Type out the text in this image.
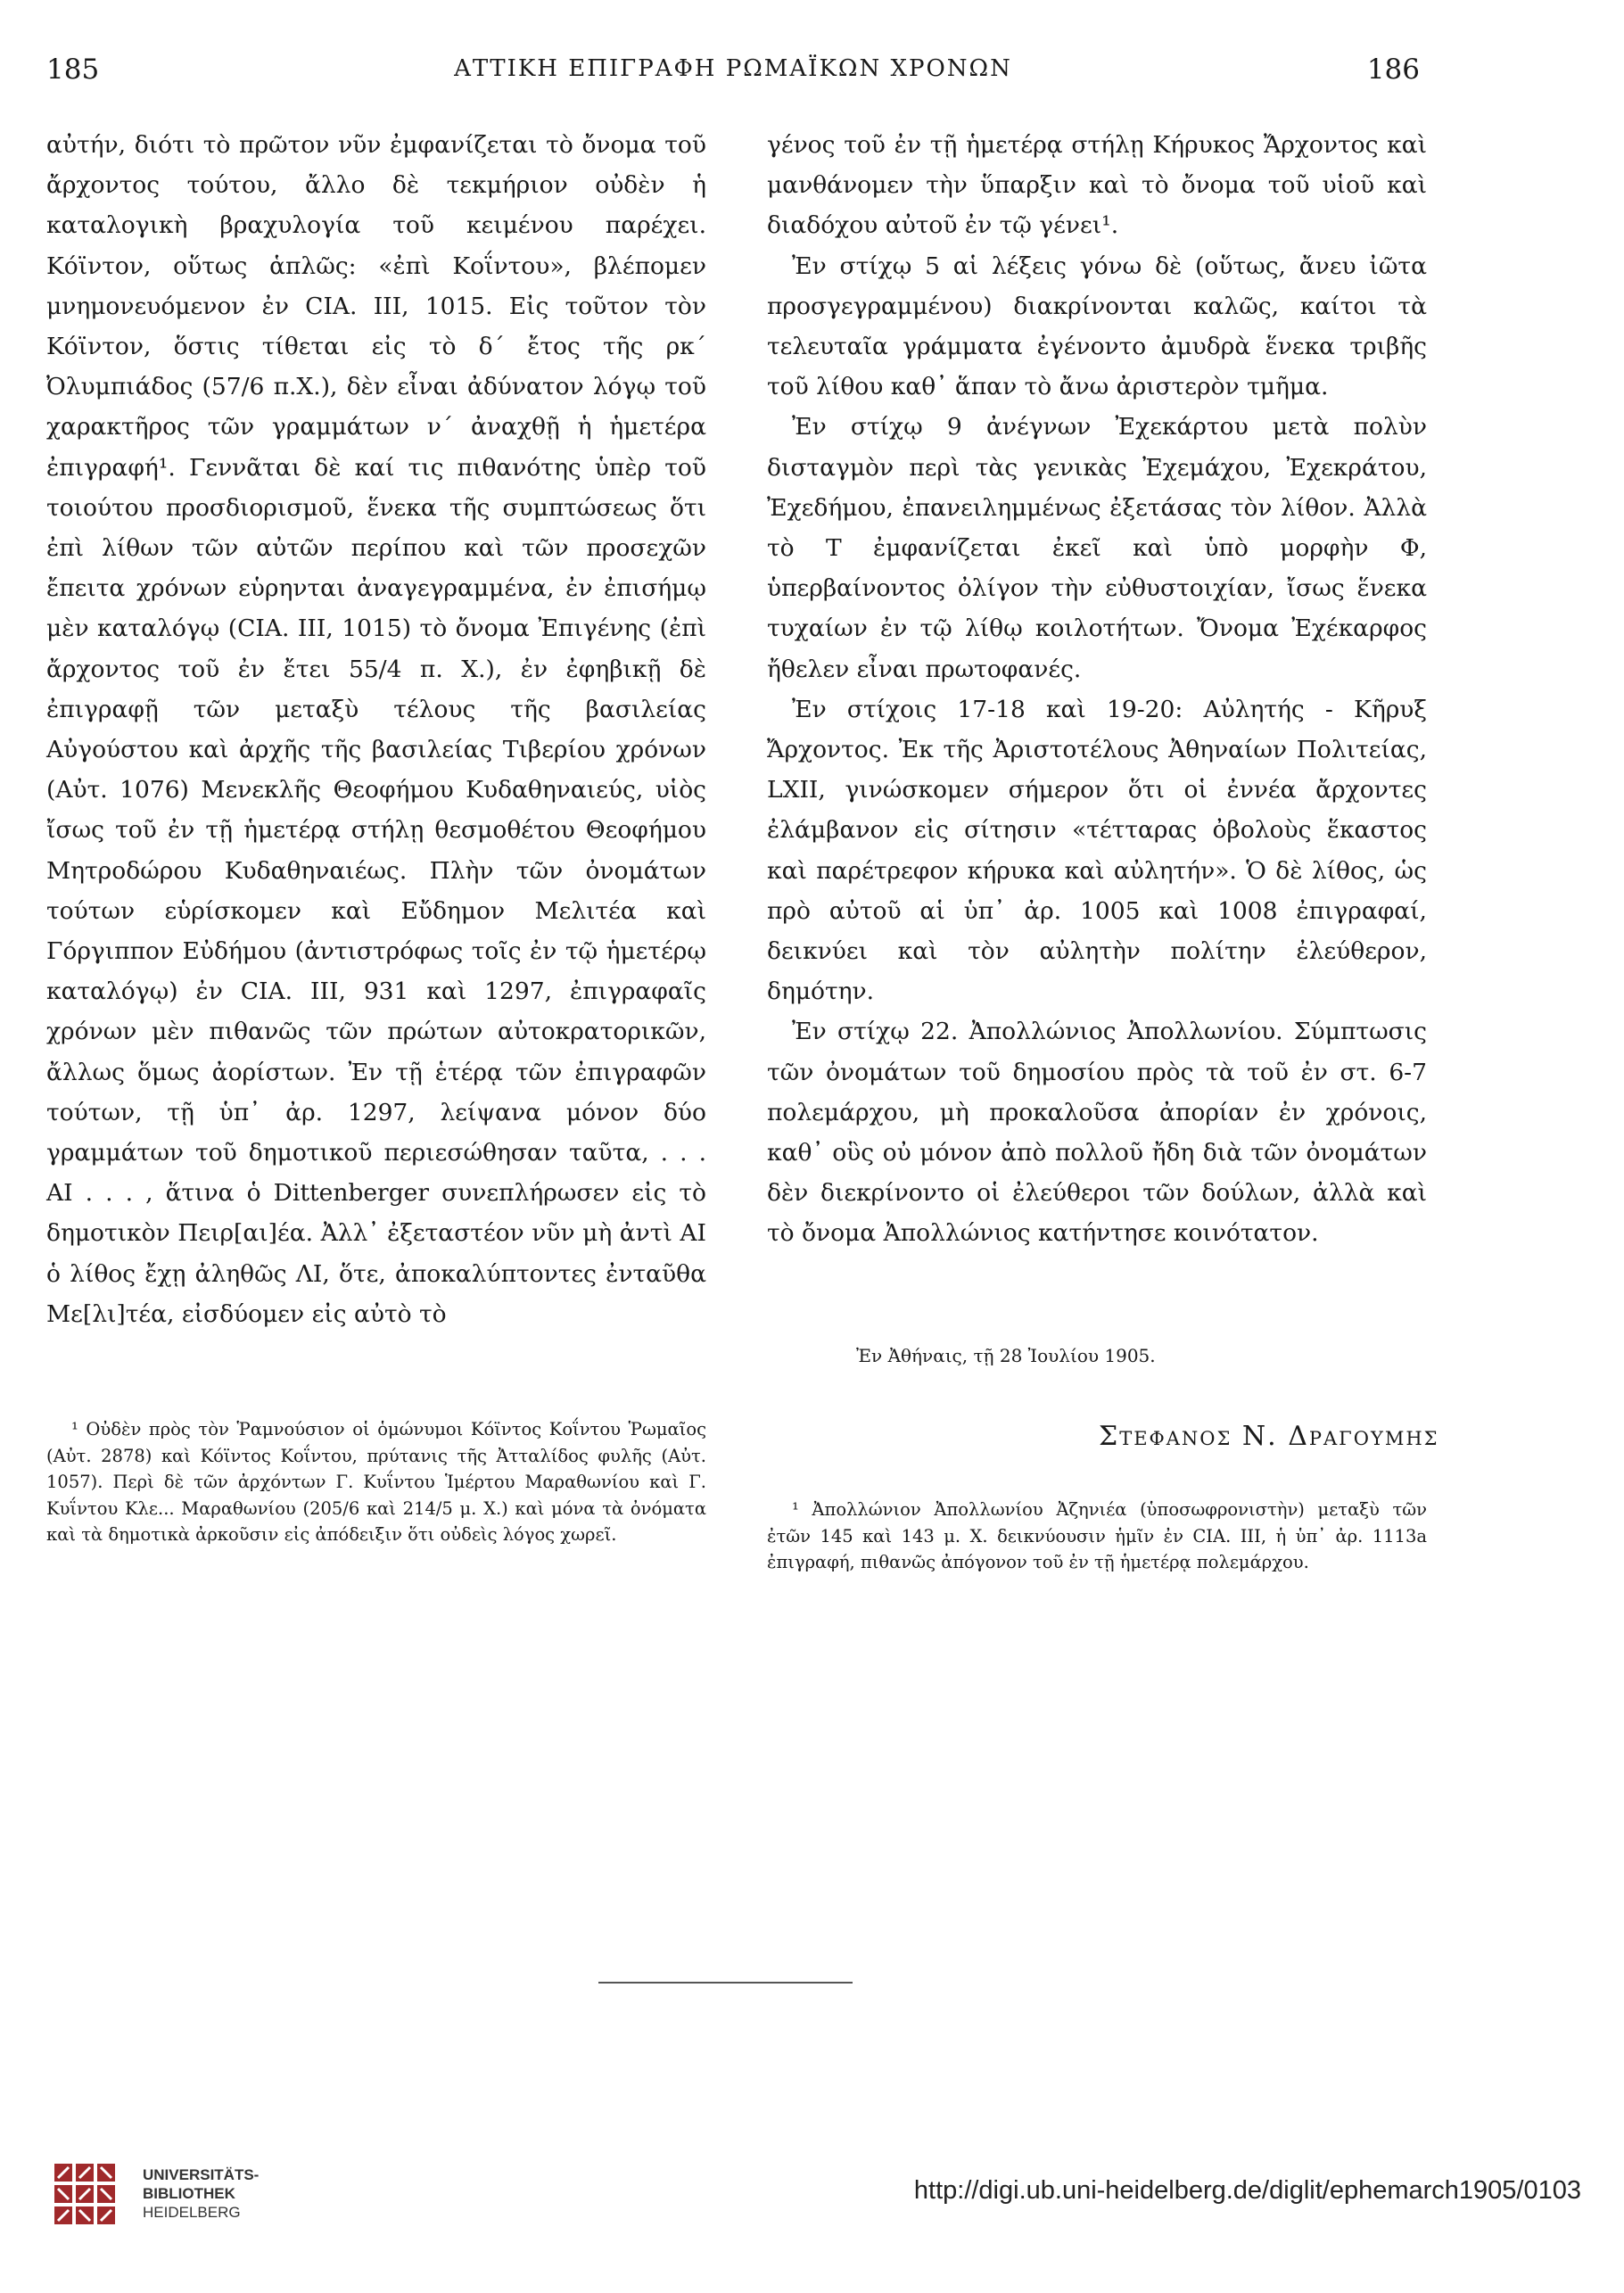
185	ΑΤΤΙΚΗ ΕΠΙΓΡΑΦΗ ΡΩΜΑΪΚΩΝ ΧΡΟΝΩΝ	186

αὐτήν, διότι τὸ πρῶτον νῦν ἐμφανίζεται τὸ ὄνομα τοῦ ἄρχοντος τούτου, ἄλλο δὲ τεκμήριον οὐδὲν ἡ καταλογικὴ βραχυλογία τοῦ κειμένου παρέχει. Κόϊντον, οὕτως ἁπλῶς: «ἐπὶ Κοΐντου», βλέπομεν μνημονευόμενον ἐν CIA. III, 1015. Εἰς τοῦτον τὸν Κόϊντον, ὅστις τίθεται εἰς τὸ δ΄ ἔτος τῆς ρκ΄ Ὀλυμπιάδος (57/6 π.Χ.), δὲν εἶναι ἀδύνατον λόγῳ τοῦ χαρακτῆρος τῶν γραμμάτων ν΄ ἀναχθῇ ἡ ἡμετέρα ἐπιγραφή¹. Γεννᾶται δὲ καί τις πιθανότης ὑπὲρ τοῦ τοιούτου προσδιορισμοῦ, ἕνεκα τῆς συμπτώσεως ὅτι ἐπὶ λίθων τῶν αὐτῶν περίπου καὶ τῶν προσεχῶν ἔπειτα χρόνων εὑρηνται ἀναγεγραμμένα, ἐν ἐπισήμῳ μὲν καταλόγῳ (CIA. III, 1015) τὸ ὄνομα Ἐπιγένης (ἐπὶ ἄρχοντος τοῦ ἐν ἔτει 55/4 π. Χ.), ἐν ἐφηβικῇ δὲ ἐπιγραφῇ τῶν μεταξὺ τέλους τῆς βασιλείας Αὐγούστου καὶ ἀρχῆς τῆς βασιλείας Τιβερίου χρόνων (Αὐτ. 1076) Μενεκλῆς Θεοφήμου Κυδαθηναιεύς, υἱὸς ἴσως τοῦ ἐν τῇ ἡμετέρᾳ στήλῃ θεσμοθέτου Θεοφήμου Μητροδώρου Κυδαθηναιέως. Πλὴν τῶν ὀνομάτων τούτων εὑρίσκομεν καὶ Εὔδημον Μελιτέα καὶ Γόργιππον Εὐδήμου (ἀντιστρόφως τοῖς ἐν τῷ ἡμετέρῳ καταλόγῳ) ἐν CIA. III, 931 καὶ 1297, ἐπιγραφαῖς χρόνων μὲν πιθανῶς τῶν πρώτων αὐτοκρατορικῶν, ἄλλως ὅμως ἀορίστων. Ἐν τῇ ἑτέρᾳ τῶν ἐπιγραφῶν τούτων, τῇ ὑπ᾽ ἀρ. 1297, λείψανα μόνον δύο γραμμάτων τοῦ δημοτικοῦ περιεσώθησαν ταῦτα, . . . ΑΙ . . . , ἅτινα ὁ Dittenberger συνεπλήρωσεν εἰς τὸ δημοτικὸν Πειρ[αι]έα. Ἀλλ᾽ ἐξεταστέον νῦν μὴ ἀντὶ ΑΙ ὁ λίθος ἔχῃ ἀληθῶς ΛΙ, ὅτε, ἀποκαλύπτοντες ἐνταῦθα Με[λι]τέα, εἰσδύομεν εἰς αὐτὸ τὸ

¹ Οὐδὲν πρὸς τὸν Ῥαμνούσιον οἱ ὁμώνυμοι Κόϊντος Κοΐντου Ῥωμαῖος (Αὐτ. 2878) καὶ Κόϊντος Κοΐντου, πρύτανις τῆς Ἀτταλίδος φυλῆς (Αὐτ. 1057). Περὶ δὲ τῶν ἀρχόντων Γ. Κυΐντου Ἱμέρτου Μαραθωνίου καὶ Γ. Κυΐντου Κλε... Μαραθωνίου (205/6 καὶ 214/5 μ. Χ.) καὶ μόνα τὰ ὀνόματα καὶ τὰ δημοτικὰ ἀρκοῦσιν εἰς ἀπόδειξιν ὅτι οὐδεὶς λόγος χωρεῖ.

γένος τοῦ ἐν τῇ ἡμετέρᾳ στήλῃ Κήρυκος Ἄρχοντος καὶ μανθάνομεν τὴν ὕπαρξιν καὶ τὸ ὄνομα τοῦ υἱοῦ καὶ διαδόχου αὐτοῦ ἐν τῷ γένει¹.

Ἐν στίχῳ 5 αἱ λέξεις γόνω δὲ (οὕτως, ἄνευ ἰῶτα προσγεγραμμένου) διακρίνονται καλῶς, καίτοι τὰ τελευταῖα γράμματα ἐγένοντο ἀμυδρὰ ἕνεκα τριβῆς τοῦ λίθου καθ᾽ ἅπαν τὸ ἄνω ἀριστερὸν τμῆμα.

Ἐν στίχῳ 9 ἀνέγνων Ἐχεκάρτου μετὰ πολὺν δισταγμὸν περὶ τὰς γενικὰς Ἐχεμάχου, Ἐχεκράτου, Ἐχεδήμου, ἐπανειλημμένως ἐξετάσας τὸν λίθον. Ἀλλὰ τὸ Τ ἐμφανίζεται ἐκεῖ καὶ ὑπὸ μορφὴν Φ, ὑπερβαίνοντος ὀλίγον τὴν εὐθυστοιχίαν, ἴσως ἕνεκα τυχαίων ἐν τῷ λίθῳ κοιλοτήτων. Ὄνομα Ἐχέκαρφος ἤθελεν εἶναι πρωτοφανές.

Ἐν στίχοις 17-18 καὶ 19-20: Αὐλητής - Κῆρυξ Ἄρχοντος. Ἐκ τῆς Ἀριστοτέλους Ἀθηναίων Πολιτείας, LXII, γινώσκομεν σήμερον ὅτι οἱ ἐννέα ἄρχοντες ἐλάμβανον εἰς σίτησιν «τέτταρας ὀβολοὺς ἕκαστος καὶ παρέτρεφον κήρυκα καὶ αὐλητήν». Ὁ δὲ λίθος, ὡς πρὸ αὐτοῦ αἱ ὑπ᾽ ἀρ. 1005 καὶ 1008 ἐπιγραφαί, δεικνύει καὶ τὸν αὐλητὴν πολίτην ἐλεύθερον, δημότην.

Ἐν στίχῳ 22. Ἀπολλώνιος Ἀπολλωνίου. Σύμπτωσις τῶν ὀνομάτων τοῦ δημοσίου πρὸς τὰ τοῦ ἐν στ. 6-7 πολεμάρχου, μὴ προκαλοῦσα ἀπορίαν ἐν χρόνοις, καθ᾽ οὓς οὐ μόνον ἀπὸ πολλοῦ ἤδη διὰ τῶν ὀνομάτων δὲν διεκρίνοντο οἱ ἐλεύθεροι τῶν δούλων, ἀλλὰ καὶ τὸ ὄνομα Ἀπολλώνιος κατήντησε κοινότατον.

Ἐν Ἀθήναις, τῇ 28 Ἰουλίου 1905.
Στεφανος Ν. Δραγουμης

¹ Ἀπολλώνιον Ἀπολλωνίου Ἀζηνιέα (ὑποσωφρονιστὴν) μεταξὺ τῶν ἐτῶν 145 καὶ 143 μ. Χ. δεικνύουσιν ἡμῖν ἐν CIA. III, ἡ ὑπ᾽ ἀρ. 1113a ἐπιγραφή, πιθανῶς ἀπόγονον τοῦ ἐν τῇ ἡμετέρᾳ πολεμάρχου.

UNIVERSITÄTS-
BIBLIOTHEK
HEIDELBERG
http://digi.ub.uni-heidelberg.de/diglit/ephemarch1905/0103
